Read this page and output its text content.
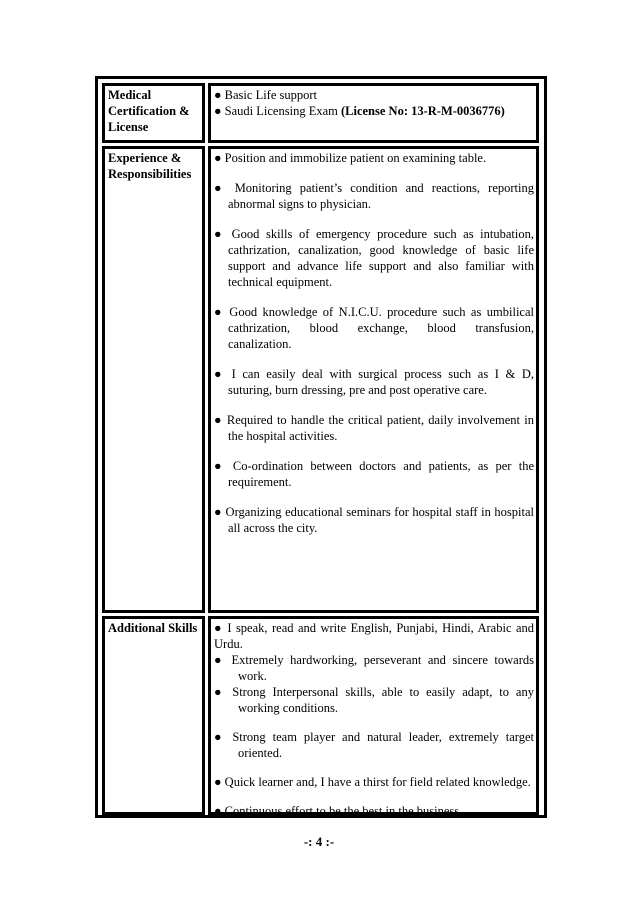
Medical Certification & License
● Basic Life support
● Saudi Licensing Exam (License No: 13-R-M-0036776)
Experience & Responsibilities
● Position and immobilize patient on examining table.
● Monitoring patient’s condition and reactions, reporting abnormal signs to physician.
● Good skills of emergency procedure such as intubation, cathrization, canalization, good knowledge of basic life support and advance life support and also familiar with technical equipment.
● Good knowledge of N.I.C.U. procedure such as umbilical cathrization, blood exchange, blood transfusion, canalization.
● I can easily deal with surgical process such as I & D, suturing, burn dressing, pre and post operative care.
● Required to handle the critical patient, daily involvement in the hospital activities.
● Co-ordination between doctors and patients, as per the requirement.
● Organizing educational seminars for hospital staff in hospital all across the city.
Additional Skills	● I speak, read and write English, Punjabi, Hindi, Arabic and Urdu.
● Extremely hardworking, perseverant and sincere towards work.
● Strong Interpersonal skills, able to easily adapt, to any working conditions.
● Strong team player and natural leader, extremely target oriented.
● Quick learner and, I have a thirst for field related knowledge.
● Continuous effort to be the best in the business.
-: 4 :-
